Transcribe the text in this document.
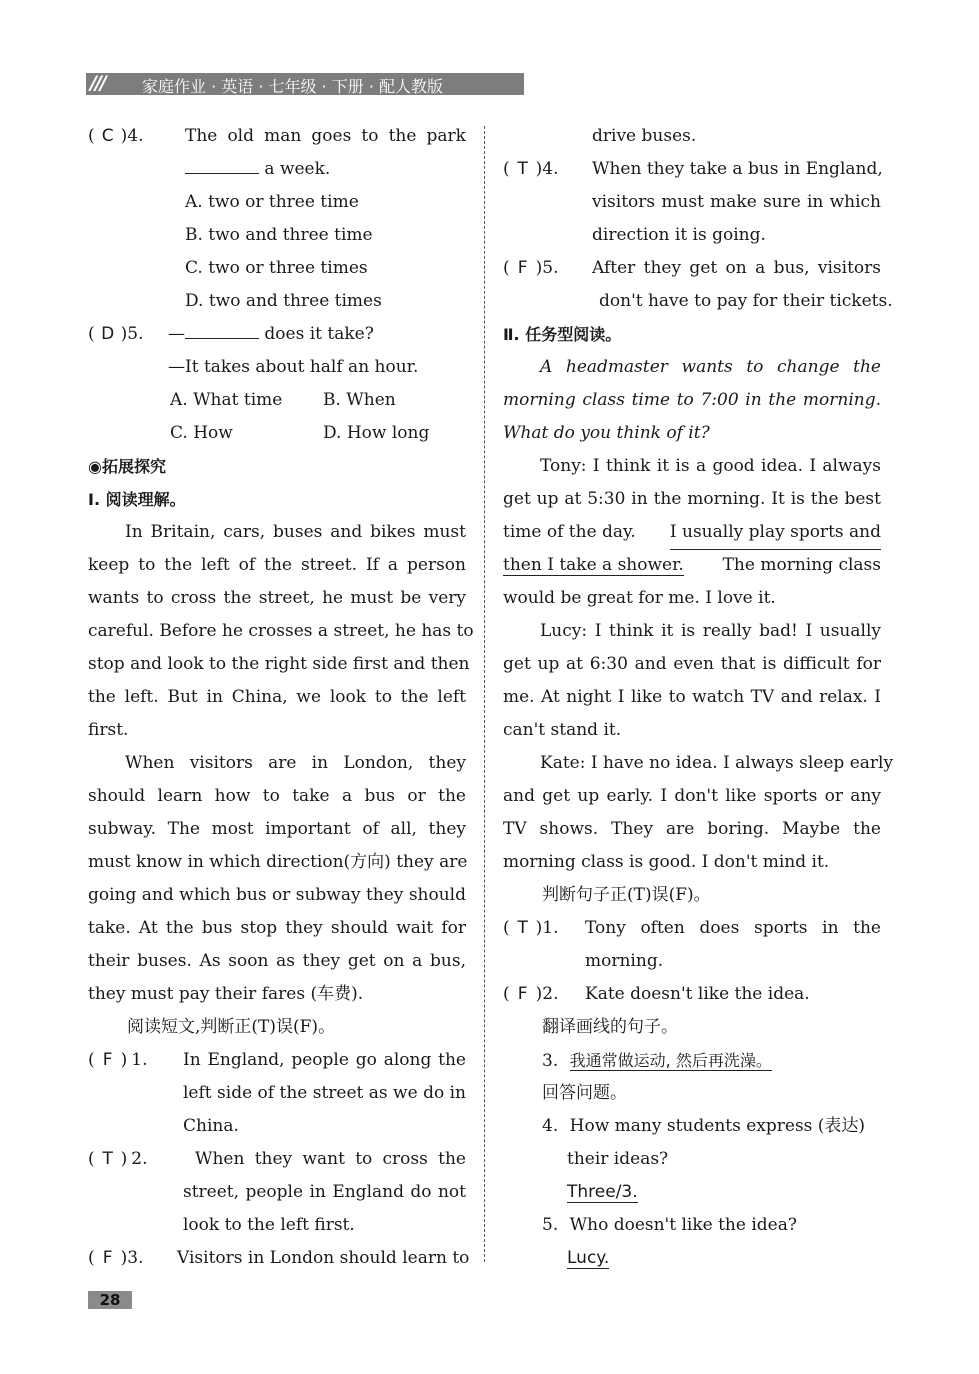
/// 家庭作业 · 英语 · 七年级 · 下册 · 配人教版
( C )4. The old man goes to the park
a week.
A. two or three time
B. two and three time
C. two or three times
D. two and three times
( D )5. —	does it take?
—It takes about half an hour.
A. What time B. When
C. How	D. How long
◉拓展探究
Ⅰ. 阅读理解。
In Britain, cars, buses and bikes must
keep to the left of the street. If a person
wants to cross the street, he must be very
careful. Before he crosses a street, he has to
stop and look to the right side first and then
the left. But in China, we look to the left
first.
When visitors are in London, they
should learn how to take a bus or the
subway. The most important of all, they
must know in which direction(方向) they are
going and which bus or subway they should
take. At the bus stop they should wait for
their buses. As soon as they get on a bus,
they must pay their fares (车费).
阅读短文,判断正(T)误(F)。
( F ) 1. In England, people go along the
left side of the street as we do in
China.
( T ) 2.	When they want to cross the
street, people in England do not
look to the left first.
( F )3. Visitors in London should learn to
drive buses.
( T )4. When they take a bus in England,
visitors must make sure in which
direction it is going.
( F )5. After they get on a bus, visitors
don't have to pay for their tickets.
Ⅱ. 任务型阅读。
A headmaster wants to change the
morning class time to 7:00 in the morning.
What do you think of it?
Tony: I think it is a good idea. I always
get up at 5:30 in the morning. It is the best
time of the day. I usually play sports and
then I take a shower. The morning class
would be great for me. I love it.
Lucy: I think it is really bad! I usually
get up at 6:30 and even that is difficult for
me. At night I like to watch TV and relax. I
can't stand it.
Kate: I have no idea. I always sleep early
and get up early. I don't like sports or any
TV shows. They are boring. Maybe the
morning class is good. I don't mind it.
判断句子正(T)误(F)。
( T )1. Tony often does sports in the
morning.
( F )2. Kate doesn't like the idea.
翻译画线的句子。
3. 我通常做运动, 然后再洗澡。
回答问题。
4. How many students express (表达)
their ideas?
Three/3.
5. Who doesn't like the idea?
Lucy.
28
